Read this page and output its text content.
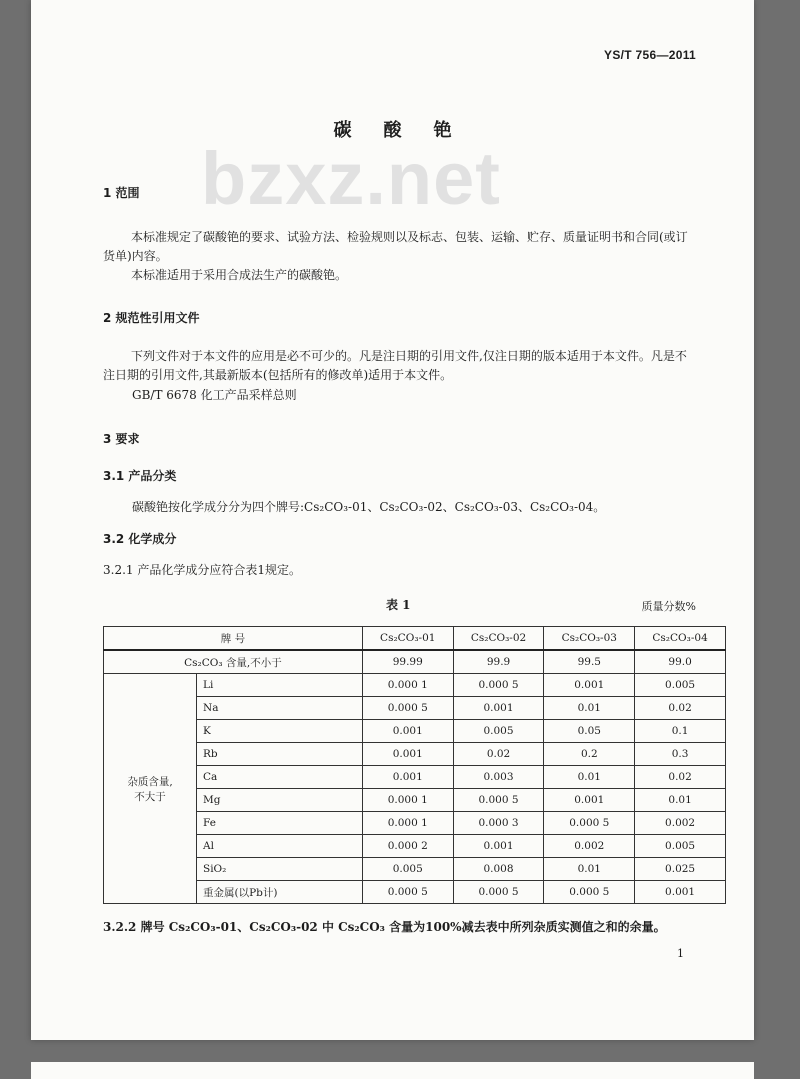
YS/T 756—2011
bzxz.net
碳酸铯
1 范围
本标准规定了碳酸铯的要求、试验方法、检验规则以及标志、包装、运输、贮存、质量证明书和合同(或订货单)内容。
本标准适用于采用合成法生产的碳酸铯。
2 规范性引用文件
下列文件对于本文件的应用是必不可少的。凡是注日期的引用文件,仅注日期的版本适用于本文件。凡是不注日期的引用文件,其最新版本(包括所有的修改单)适用于本文件。
GB/T 6678 化工产品采样总则
3 要求
3.1 产品分类
碳酸铯按化学成分分为四个牌号:Cs₂CO₃-01、Cs₂CO₃-02、Cs₂CO₃-03、Cs₂CO₃-04。
3.2 化学成分
3.2.1 产品化学成分应符合表1规定。
表 1	质量分数%
牌 号		Cs₂CO₃-01	Cs₂CO₃-02	Cs₂CO₃-03	Cs₂CO₃-04
Cs₂CO₃ 含量,不小于		99.99	99.9	99.5	99.0
杂质含量,
不大于	Li	0.000 1	0.000 5	0.001	0.005
	Na	0.000 5	0.001	0.01	0.02
	K	0.001	0.005	0.05	0.1
	Rb	0.001	0.02	0.2	0.3
	Ca	0.001	0.003	0.01	0.02
	Mg	0.000 1	0.000 5	0.001	0.01
	Fe	0.000 1	0.000 3	0.000 5	0.002
	Al	0.000 2	0.001	0.002	0.005
	SiO₂	0.005	0.008	0.01	0.025
	重金属(以Pb计)	0.000 5	0.000 5	0.000 5	0.001
3.2.2 牌号 Cs₂CO₃-01、Cs₂CO₃-02 中 Cs₂CO₃ 含量为100%减去表中所列杂质实测值之和的余量。
1
